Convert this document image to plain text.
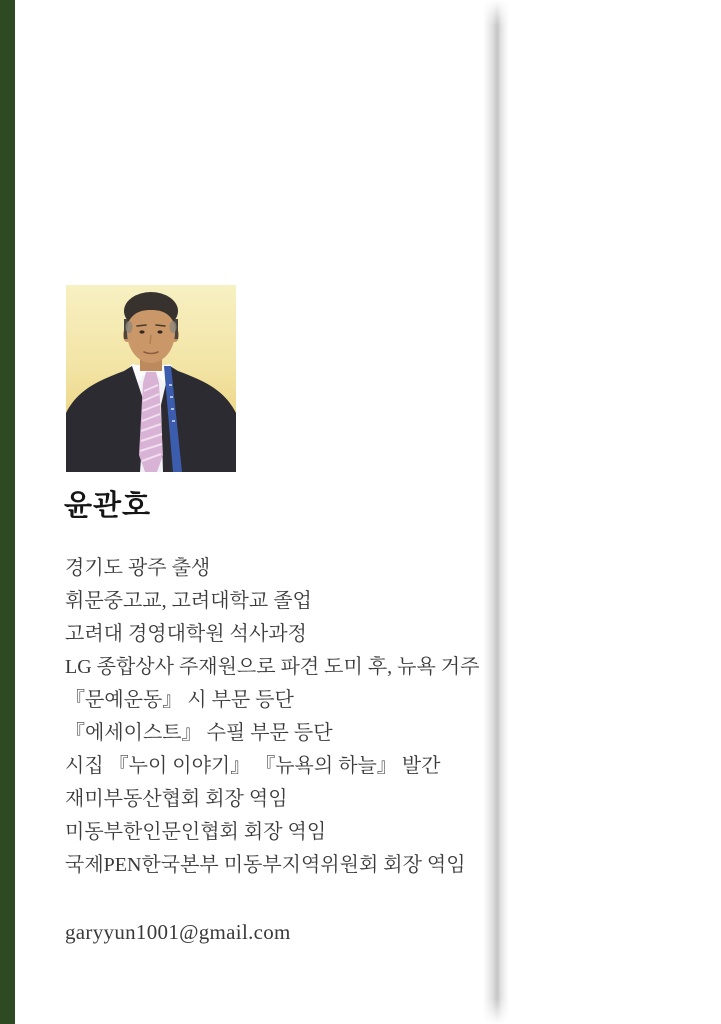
윤관호
경기도 광주 출생
휘문중고교, 고려대학교 졸업
고려대 경영대학원 석사과정
LG 종합상사 주재원으로 파견 도미 후, 뉴욕 거주
『문예운동』 시 부문 등단
『에세이스트』 수필 부문 등단
시집 『누이 이야기』 『뉴욕의 하늘』 발간
재미부동산협회 회장 역임
미동부한인문인협회 회장 역임
국제PEN한국본부 미동부지역위원회 회장 역임
garyyun1001@gmail.com
